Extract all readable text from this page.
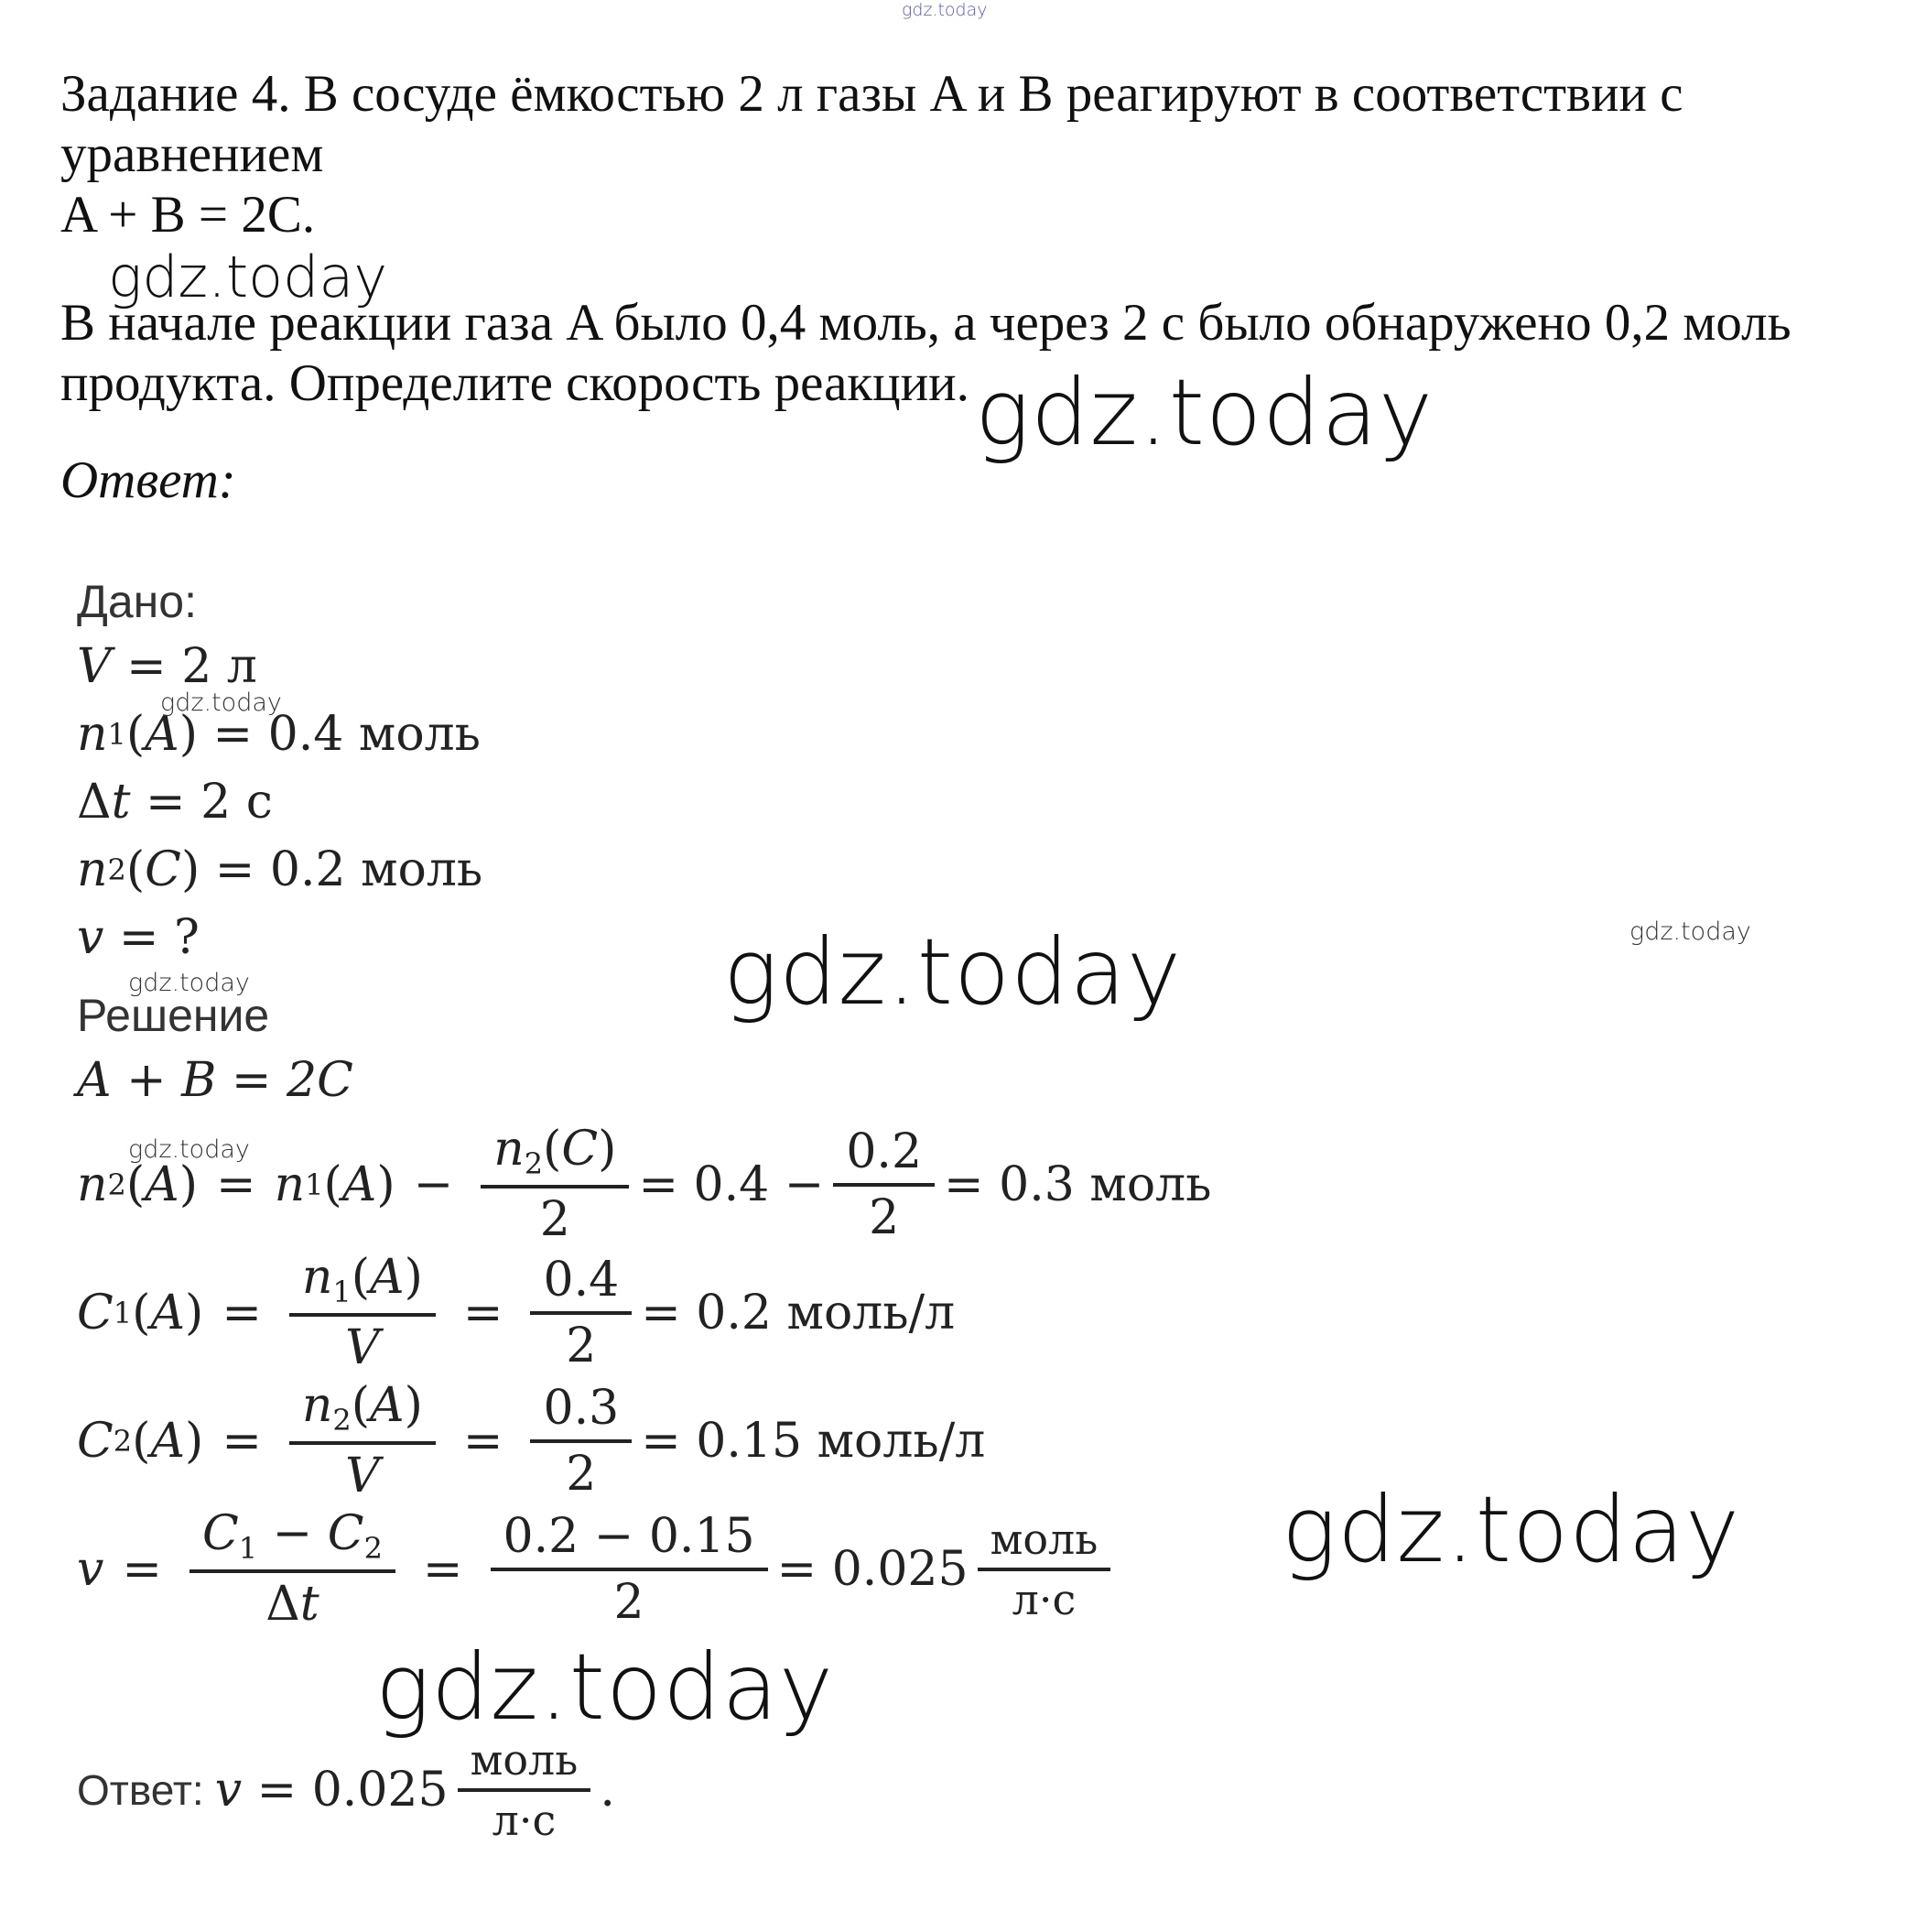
Задание 4. В сосуде ёмкостью 2 л газы A и B реагируют в соответствии с
уравнением
A + B = 2C.
В начале реакции газа A было 0,4 моль, а через 2 с было обнаружено 0,2 моль
продукта. Определите скорость реакции.
Ответ:
Дано:
V
= 2 л
n 1 ( A ) = 0.4 моль
Δ t
= 2 с
n 2 ( C ) = 0.2 моль
v
= ?
Решение
A + B = 2C
n 2 ( A ) = n 1 ( A ) − $\frac{n_2(C)}{2} = 0.4 - \frac{0.2}{2} = 0.3$ моль
C 1 ( A ) = $\frac{n_1(A)}{V} = \frac{0.4}{2} = 0.2$ моль/л
C 2 ( A ) = $\frac{n_2(A)}{V} = \frac{0.3}{2} = 0.15$ моль/л
$v = \frac{C_1 - C_2}{\Delta t} = \frac{0.2 - 0.15}{2} = 0.025 \frac{\text{моль}}{л\cdot с}$
Ответ: v
= $0.025 \frac{\text{моль}}{л\cdot с}$ .
gdz.today
gdz.today
gdz.today
gdz.today
gdz.today	gdz.today
gdz.today
gdz.today
gdz.today
gdz.today
